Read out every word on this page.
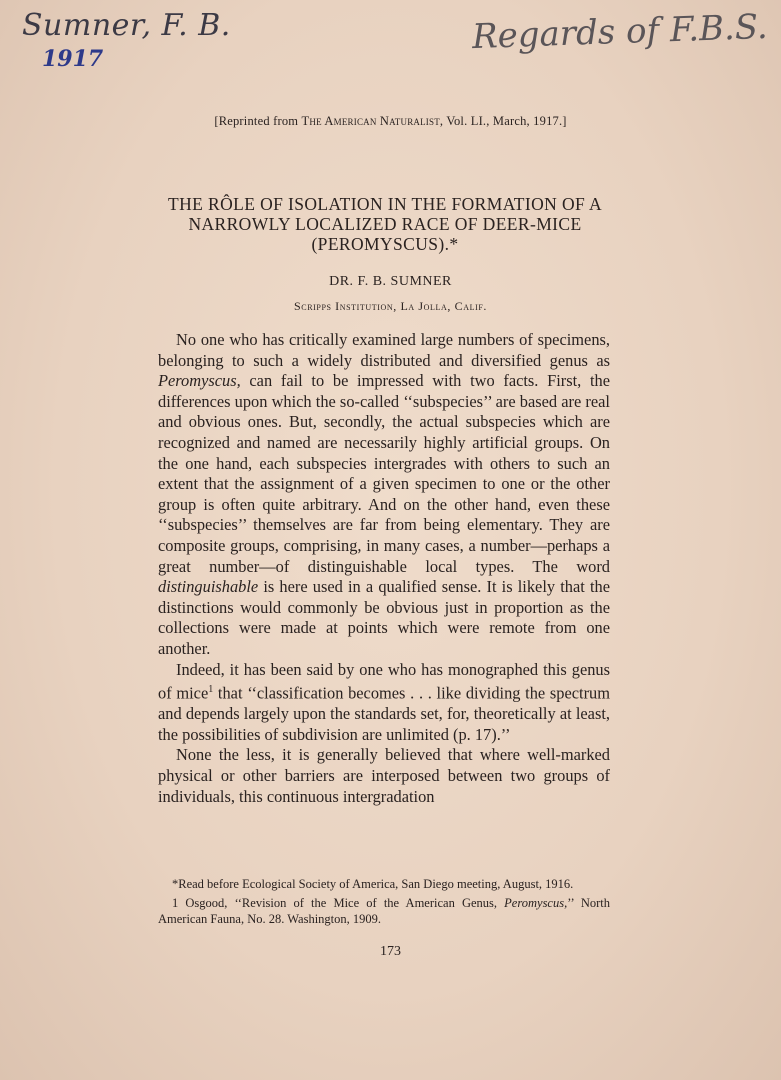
Sumner, F. B.
1917
Regards of F.B.S.
[Reprinted from The American Naturalist, Vol. LI., March, 1917.]
THE RÔLE OF ISOLATION IN THE FORMATION OF A NARROWLY LOCALIZED RACE OF DEER-MICE (PEROMYSCUS).*
DR. F. B. SUMNER
Scripps Institution, La Jolla, Calif.

No one who has critically examined large numbers of specimens, belonging to such a widely distributed and diversified genus as Peromyscus, can fail to be impressed with two facts. First, the differences upon which the so-called ‘‘subspecies’’ are based are real and obvious ones. But, secondly, the actual subspecies which are recognized and named are necessarily highly artificial groups. On the one hand, each subspecies intergrades with others to such an extent that the assignment of a given specimen to one or the other group is often quite arbitrary. And on the other hand, even these ‘‘subspecies’’ themselves are far from being elementary. They are composite groups, comprising, in many cases, a number—perhaps a great number—of distinguishable local types. The word distinguishable is here used in a qualified sense. It is likely that the distinctions would commonly be obvious just in proportion as the collections were made at points which were remote from one another.

Indeed, it has been said by one who has monographed this genus of mice$^1$ that ‘‘classification becomes . . . like dividing the spectrum and depends largely upon the standards set, for, theoretically at least, the possibilities of subdivision are unlimited (p. 17).’’

None the less, it is generally believed that where well-marked physical or other barriers are interposed between two groups of individuals, this continuous intergradation

*Read before Ecological Society of America, San Diego meeting, August, 1916.

1 Osgood, ‘‘Revision of the Mice of the American Genus, Peromyscus,’’ North American Fauna, No. 28. Washington, 1909.

173
